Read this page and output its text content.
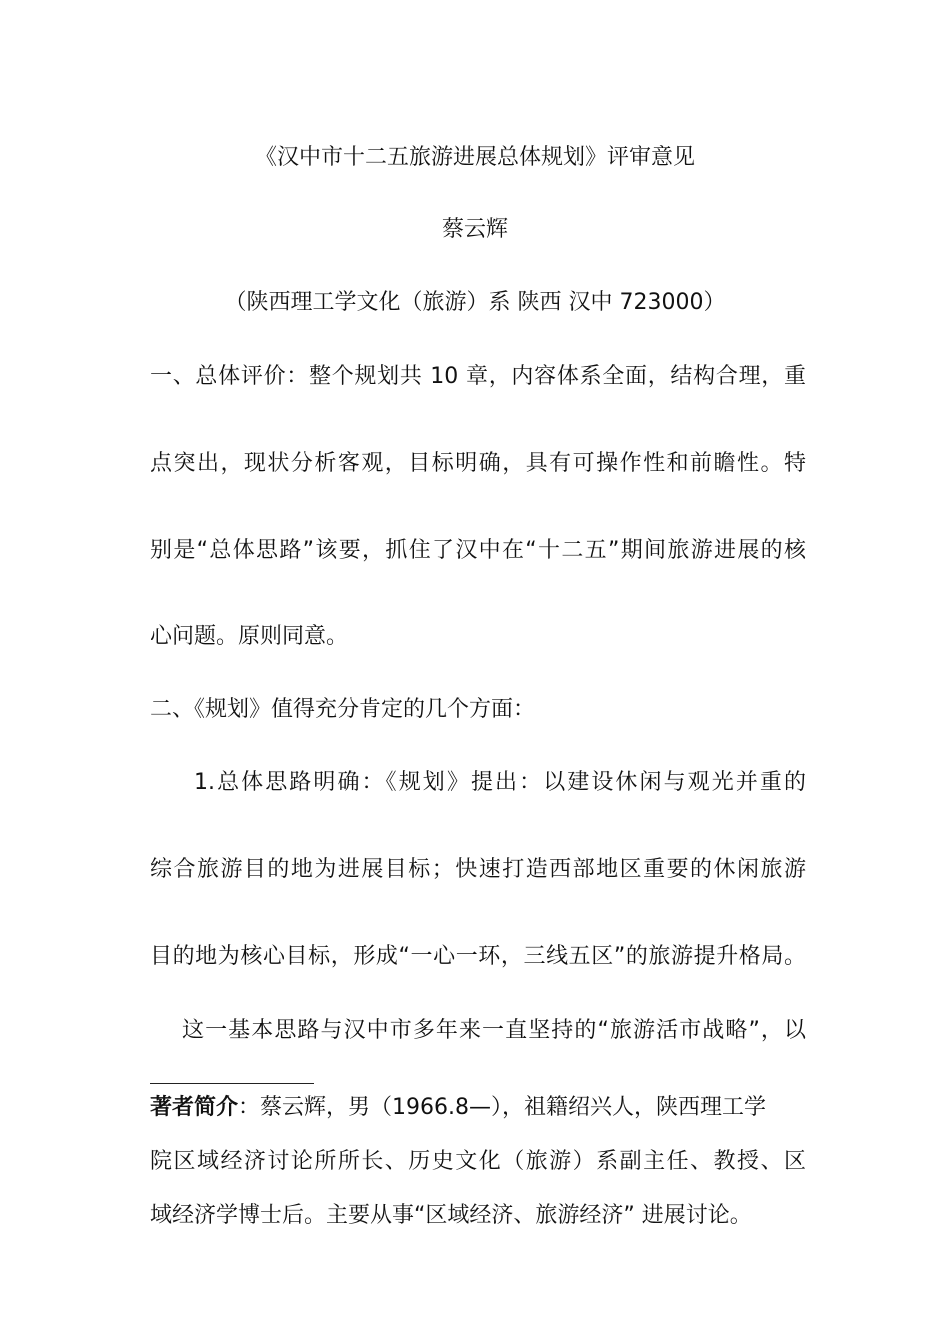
《汉中市十二五旅游进展总体规划》评审意见
蔡云辉
（陕西理工学文化（旅游）系 陕西 汉中 723000）
一、总体评价：整个规划共 10 章，内容体系全面，结构合理，重
点突出，现状分析客观，目标明确，具有可操作性和前瞻性。特
别是“总体思路”该要，抓住了汉中在“十二五”期间旅游进展的核
心问题。原则同意。
二、《规划》值得充分肯定的几个方面：
1.总体思路明确：《规划》提出：以建设休闲与观光并重的
综合旅游目的地为进展目标；快速打造西部地区重要的休闲旅游
目的地为核心目标，形成“一心一环，三线五区”的旅游提升格局。
这一基本思路与汉中市多年来一直坚持的“旅游活市战略”，以
著者简介：蔡云辉，男（1966.8—），祖籍绍兴人，陕西理工学
院区域经济讨论所所长、历史文化（旅游）系副主任、教授、区
域经济学博士后。主要从事“区域经济、旅游经济” 进展讨论。
